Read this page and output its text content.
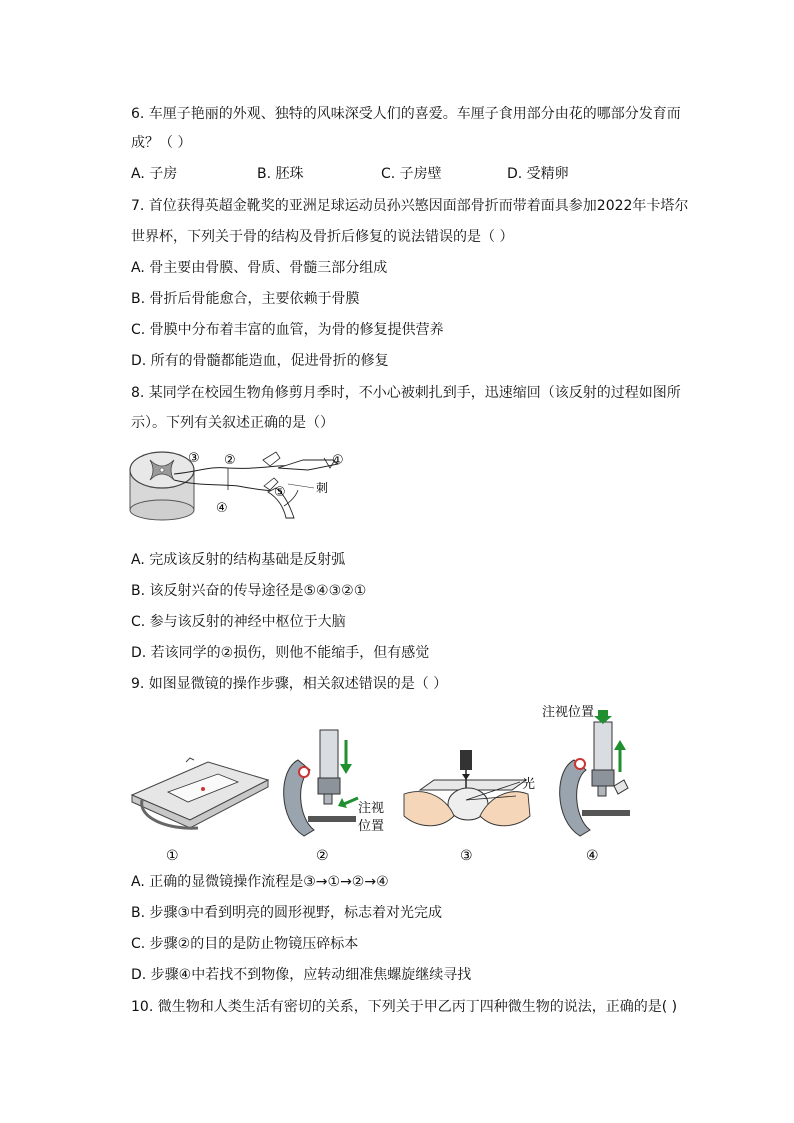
6. 车厘子艳丽的外观、独特的风味深受人们的喜爱。车厘子食用部分由花的哪部分发育而
成？（ ）
A. 子房	B. 胚珠	C. 子房壁	D. 受精卵
7. 首位获得英超金靴奖的亚洲足球运动员孙兴慜因面部骨折而带着面具参加2022年卡塔尔
世界杯，下列关于骨的结构及骨折后修复的说法错误的是（ ）
A. 骨主要由骨膜、骨质、骨髓三部分组成
B. 骨折后骨能愈合，主要依赖于骨膜
C. 骨膜中分布着丰富的血管，为骨的修复提供营养
D. 所有的骨髓都能造血，促进骨折的修复
8. 某同学在校园生物角修剪月季时，不小心被刺扎到手，迅速缩回（该反射的过程如图所
示）。下列有关叙述正确的是（）
③ ②	①
刺
⑤
④
A. 完成该反射的结构基础是反射弧
B. 该反射兴奋的传导途径是⑤④③②①
C. 参与该反射的神经中枢位于大脑
D. 若该同学的②损伤，则他不能缩手，但有感觉
9. 如图显微镜的操作步骤，相关叙述错误的是（ ）
注视
位置
光
注视位置
①	②	③	④
A. 正确的显微镜操作流程是③→①→②→④
B. 步骤③中看到明亮的圆形视野，标志着对光完成
C. 步骤②的目的是防止物镜压碎标本
D. 步骤④中若找不到物像，应转动细准焦螺旋继续寻找
10. 微生物和人类生活有密切的关系，下列关于甲乙丙丁四种微生物的说法，正确的是( )
